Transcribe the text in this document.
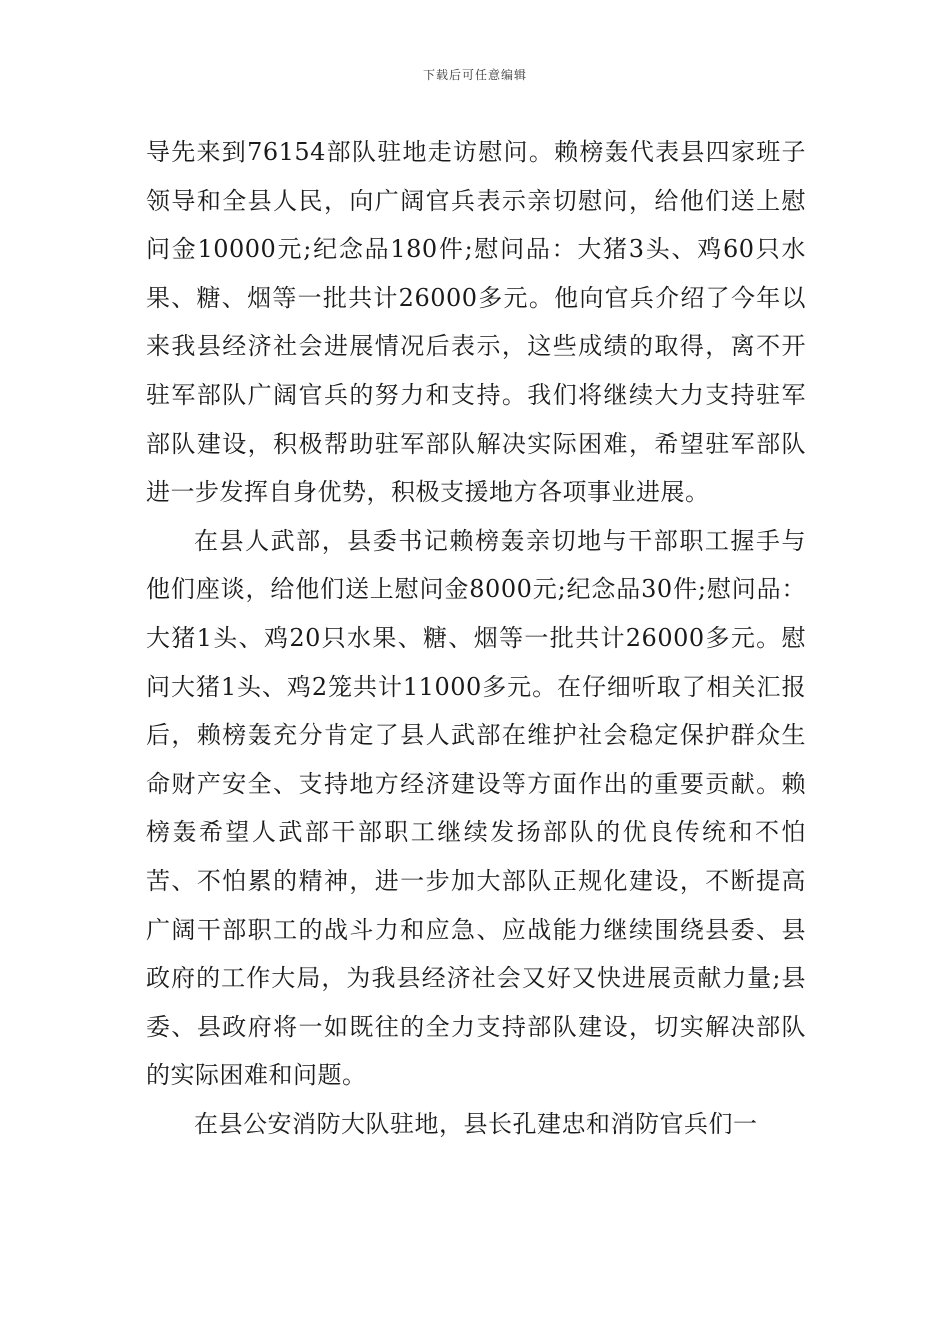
下载后可任意编辑

导先来到76154部队驻地走访慰问。赖榜轰代表县四家班子领导和全县人民，向广阔官兵表示亲切慰问，给他们送上慰问金10000元;纪念品180件;慰问品：大猪3头、鸡60只水果、糖、烟等一批共计26000多元。他向官兵介绍了今年以来我县经济社会进展情况后表示，这些成绩的取得，离不开驻军部队广阔官兵的努力和支持。我们将继续大力支持驻军部队建设，积极帮助驻军部队解决实际困难，希望驻军部队进一步发挥自身优势，积极支援地方各项事业进展。

在县人武部，县委书记赖榜轰亲切地与干部职工握手与他们座谈，给他们送上慰问金8000元;纪念品30件;慰问品：大猪1头、鸡20只水果、糖、烟等一批共计26000多元。慰问大猪1头、鸡2笼共计11000多元。在仔细听取了相关汇报后，赖榜轰充分肯定了县人武部在维护社会稳定保护群众生命财产安全、支持地方经济建设等方面作出的重要贡献。赖榜轰希望人武部干部职工继续发扬部队的优良传统和不怕苦、不怕累的精神，进一步加大部队正规化建设，不断提高广阔干部职工的战斗力和应急、应战能力继续围绕县委、县政府的工作大局，为我县经济社会又好又快进展贡献力量;县委、县政府将一如既往的全力支持部队建设，切实解决部队的实际困难和问题。

在县公安消防大队驻地，县长孔建忠和消防官兵们一
